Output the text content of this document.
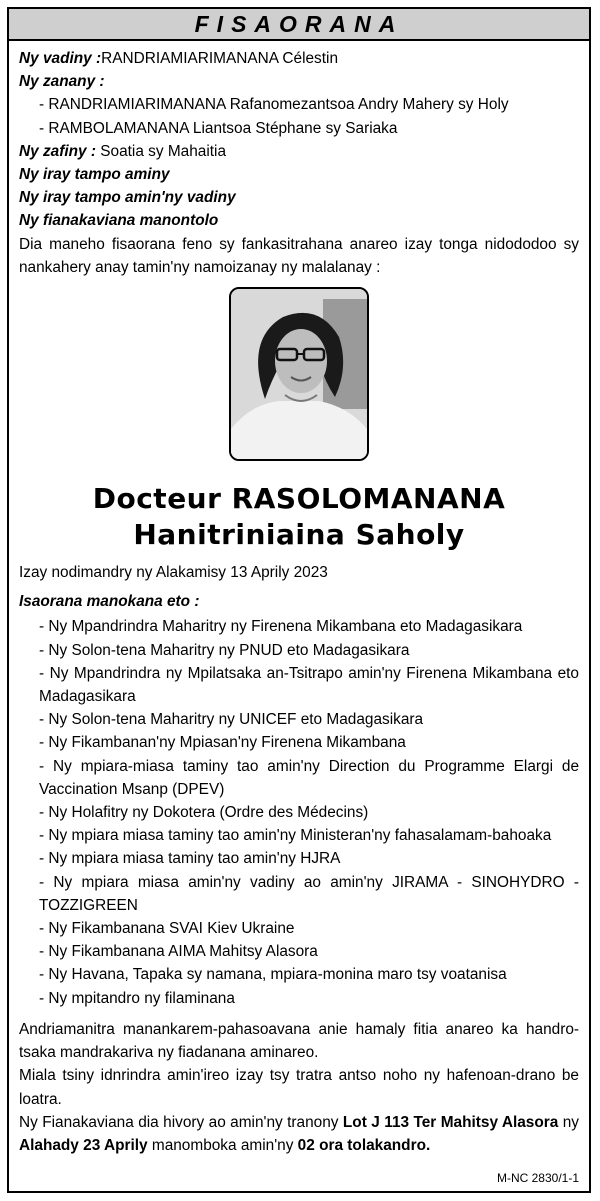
FISAORANA
Ny vadiny :RANDRIAMIARIMANANA Célestin
Ny zanany :
- RANDRIAMIARIMANANA Rafanomezantsoa Andry Mahery sy Holy
- RAMBOLAMANANA Liantsoa Stéphane sy Sariaka
Ny zafiny : Soatia sy Mahaitia
Ny iray tampo aminy
Ny iray tampo amin'ny vadiny
Ny fianakaviana manontolo
Dia maneho fisaorana feno sy fankasitrahana anareo izay tonga nidododoo sy nankahery anay tamin'ny namoizanay ny malalanay :
Docteur RASOLOMANANA
Hanitriniaina Saholy
Izay nodimandry ny Alakamisy 13 Aprily 2023
Isaorana manokana eto :
- Ny Mpandrindra Maharitry ny Firenena Mikambana eto Madagasikara
- Ny Solon-tena Maharitry ny PNUD eto Madagasikara
- Ny Mpandrindra ny Mpilatsaka an-Tsitrapo amin'ny Firenena Mikambana eto Madagasikara
- Ny Solon-tena Maharitry ny UNICEF eto Madagasikara
- Ny Fikambanan'ny Mpiasan'ny Firenena Mikambana
- Ny mpiara-miasa taminy tao amin'ny Direction du Programme Elargi de Vaccination Msanp (DPEV)
- Ny Holafitry ny Dokotera (Ordre des Médecins)
- Ny mpiara miasa taminy tao amin'ny Ministeran'ny fahasalamam-bahoaka
- Ny mpiara miasa taminy tao amin'ny HJRA
- Ny mpiara miasa amin'ny vadiny ao amin'ny JIRAMA - SINOHYDRO - TOZZIGREEN
- Ny Fikambanana SVAI Kiev Ukraine
- Ny Fikambanana AIMA Mahitsy Alasora
- Ny Havana, Tapaka sy namana, mpiara-monina maro tsy voatanisa
- Ny mpitandro ny filaminana
Andriamanitra manankarem-pahasoavana anie hamaly fitia anareo ka handro-tsaka mandrakariva ny fiadanana aminareo.
Miala tsiny idnrindra amin'ireo izay tsy tratra antso noho ny hafenoan-drano be loatra.
Ny Fianakaviana dia hivory ao amin'ny tranony Lot J 113 Ter Mahitsy Alasora ny Alahady 23 Aprily manomboka amin'ny 02 ora tolakandro.
M-NC 2830/1-1
